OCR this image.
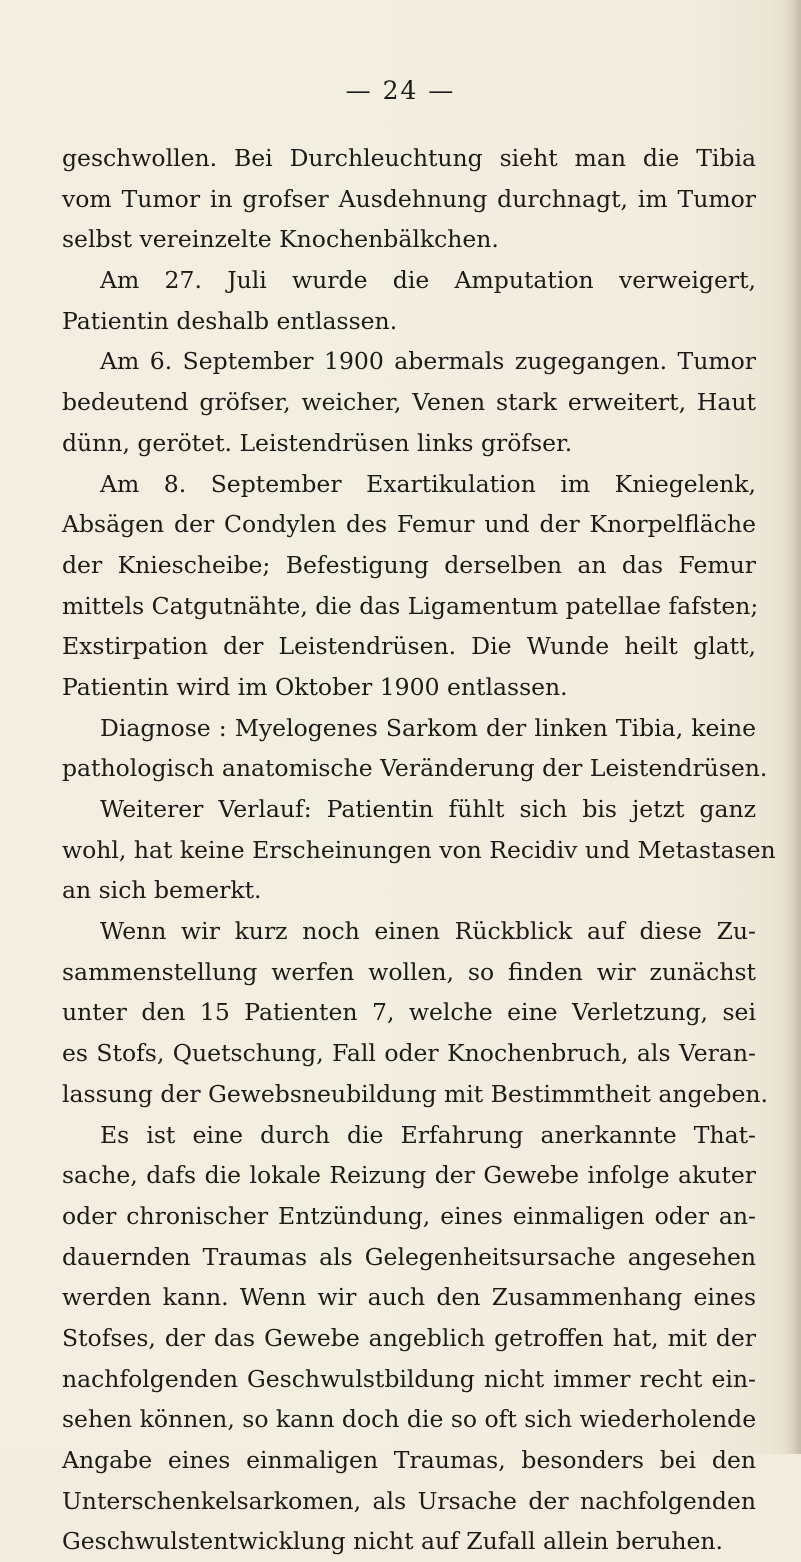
— 24 —
geschwollen. Bei Durchleuchtung sieht man die Tibia
vom Tumor in grofser Ausdehnung durchnagt, im Tumor
selbst vereinzelte Knochenbälkchen.
Am 27. Juli wurde die Amputation verweigert,
Patientin deshalb entlassen.
Am 6. September 1900 abermals zugegangen. Tumor
bedeutend gröfser, weicher, Venen stark erweitert, Haut
dünn, gerötet. Leistendrüsen links gröfser.
Am 8. September Exartikulation im Kniegelenk,
Absägen der Condylen des Femur und der Knorpelfläche
der Kniescheibe; Befestigung derselben an das Femur
mittels Catgutnähte, die das Ligamentum patellae fafsten;
Exstirpation der Leistendrüsen. Die Wunde heilt glatt,
Patientin wird im Oktober 1900 entlassen.
Diagnose : Myelogenes Sarkom der linken Tibia, keine
pathologisch anatomische Veränderung der Leistendrüsen.
Weiterer Verlauf: Patientin fühlt sich bis jetzt ganz
wohl, hat keine Erscheinungen von Recidiv und Metastasen
an sich bemerkt.
Wenn wir kurz noch einen Rückblick auf diese Zu-
sammenstellung werfen wollen, so finden wir zunächst
unter den 15 Patienten 7, welche eine Verletzung, sei
es Stofs, Quetschung, Fall oder Knochenbruch, als Veran-
lassung der Gewebsneubildung mit Bestimmtheit angeben.
Es ist eine durch die Erfahrung anerkannte That-
sache, dafs die lokale Reizung der Gewebe infolge akuter
oder chronischer Entzündung, eines einmaligen oder an-
dauernden Traumas als Gelegenheitsursache angesehen
werden kann. Wenn wir auch den Zusammenhang eines
Stofses, der das Gewebe angeblich getroffen hat, mit der
nachfolgenden Geschwulstbildung nicht immer recht ein-
sehen können, so kann doch die so oft sich wiederholende
Angabe eines einmaligen Traumas, besonders bei den
Unterschenkelsarkomen, als Ursache der nachfolgenden
Geschwulstentwicklung nicht auf Zufall allein beruhen.
